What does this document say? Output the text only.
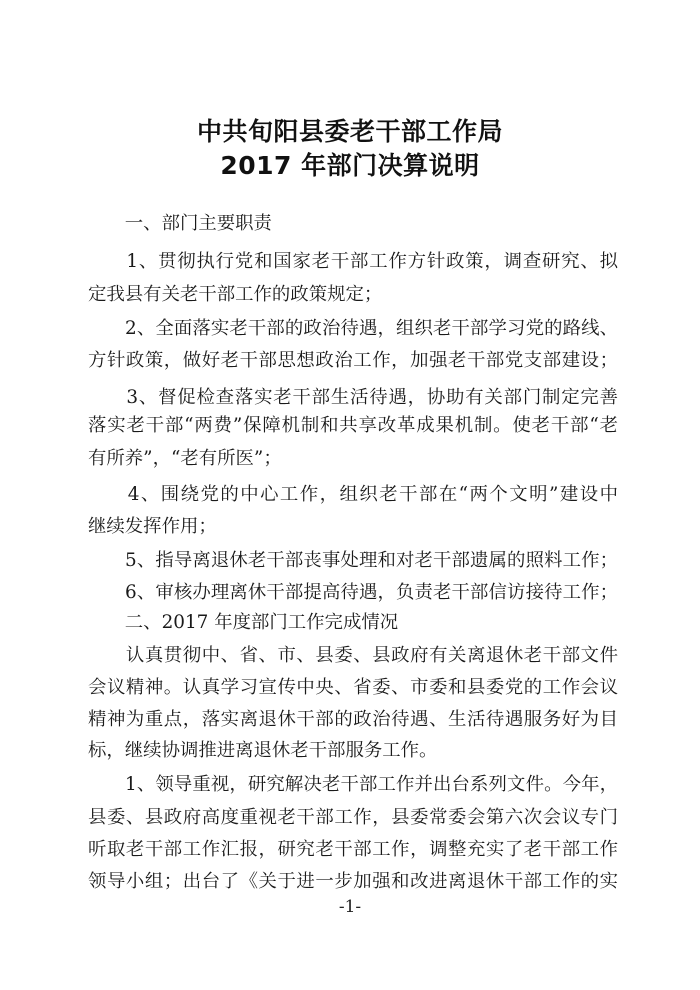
中共旬阳县委老干部工作局
2017 年部门决算说明
　　一、部门主要职责
　　1、贯彻执行党和国家老干部工作方针政策，调查研究、拟
定我县有关老干部工作的政策规定；
　　2、全面落实老干部的政治待遇，组织老干部学习党的路线、
方针政策，做好老干部思想政治工作，加强老干部党支部建设；
　　3、督促检查落实老干部生活待遇，协助有关部门制定完善
落实老干部“两费”保障机制和共享改革成果机制。使老干部“老
有所养”，“老有所医”；
　　4、围绕党的中心工作，组织老干部在“两个文明”建设中
继续发挥作用；
　　5、指导离退休老干部丧事处理和对老干部遗属的照料工作；
　　6、审核办理离休干部提高待遇，负责老干部信访接待工作；
　　二、2017 年度部门工作完成情况
　　认真贯彻中、省、市、县委、县政府有关离退休老干部文件
会议精神。认真学习宣传中央、省委、市委和县委党的工作会议
精神为重点，落实离退休干部的政治待遇、生活待遇服务好为目
标，继续协调推进离退休老干部服务工作。
　　1、领导重视，研究解决老干部工作并出台系列文件。今年，
县委、县政府高度重视老干部工作，县委常委会第六次会议专门
听取老干部工作汇报，研究老干部工作，调整充实了老干部工作
领导小组；出台了《关于进一步加强和改进离退休干部工作的实
-1-
